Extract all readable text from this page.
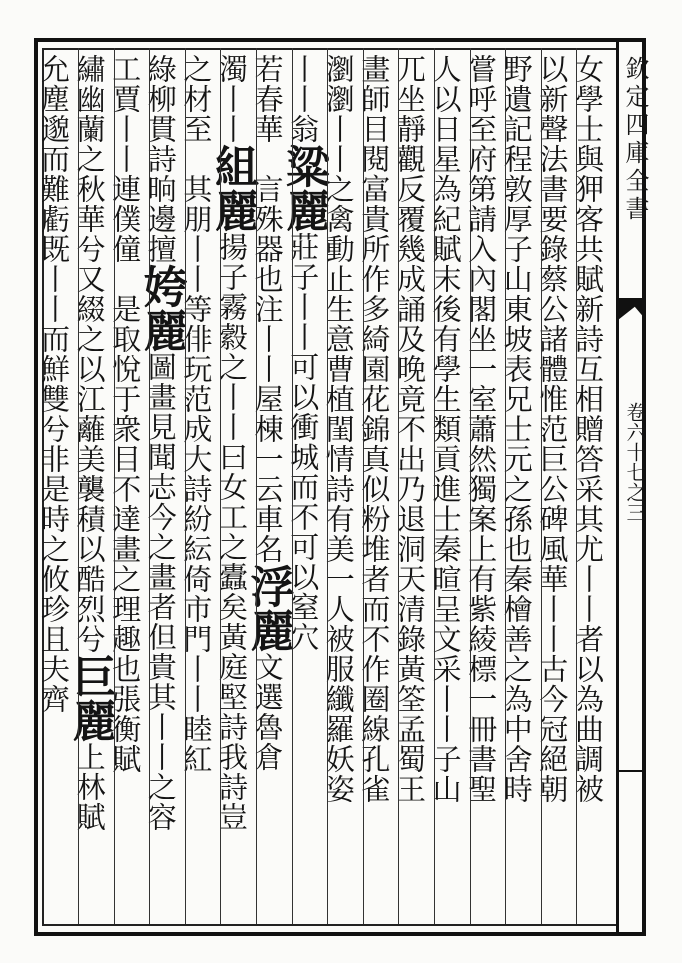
欽定四庫全書
卷六十七之三
女學士與狎客共賦新詩互相贈答采其尤丨丨者以為曲調被
以新聲法書要錄蔡公諸體惟范巨公碑風華丨丨古今冠絕朝
野遺記程敦厚子山東坡表兄士元之孫也秦檜善之為中舍時
嘗呼至府第請入內閣坐一室蕭然獨案上有紫綾標一冊書聖
人以日星為紀賦末後有學生類貢進士秦暄呈文采丨丨子山
兀坐靜觀反覆幾成誦及晚竟不出乃退洞天清錄黃筌孟蜀王
畫師目閱富貴所作多綺園花錦真似粉堆者而不作圈線孔雀
瀏瀏丨丨之禽動止生意曹植閨情詩有美一人被服纖羅妖姿
丨丨翁粱麗莊子丨丨可以衝城而不可以窒穴
若春華　言殊器也注丨丨屋棟一云車名浮麗文選魯倉
濁丨丨組麗揚子霧縠之丨丨曰女工之蠹矣黃庭堅詩我詩豈
之材至　其朋丨丨等俳玩范成大詩紛紜倚市門丨丨睦紅
綠柳貫詩晌邊擅姱麗圖畫見聞志今之畫者但貴其丨丨之容
工賈丨丨連僕僮　是取悅于衆目不達畫之理趣也張衡賦
繡幽蘭之秋華兮又綴之以江蘺美襲積以酷烈兮巨麗上林賦
允塵邈而難虧既丨丨而鮮雙兮非是時之攸珍且夫齊
